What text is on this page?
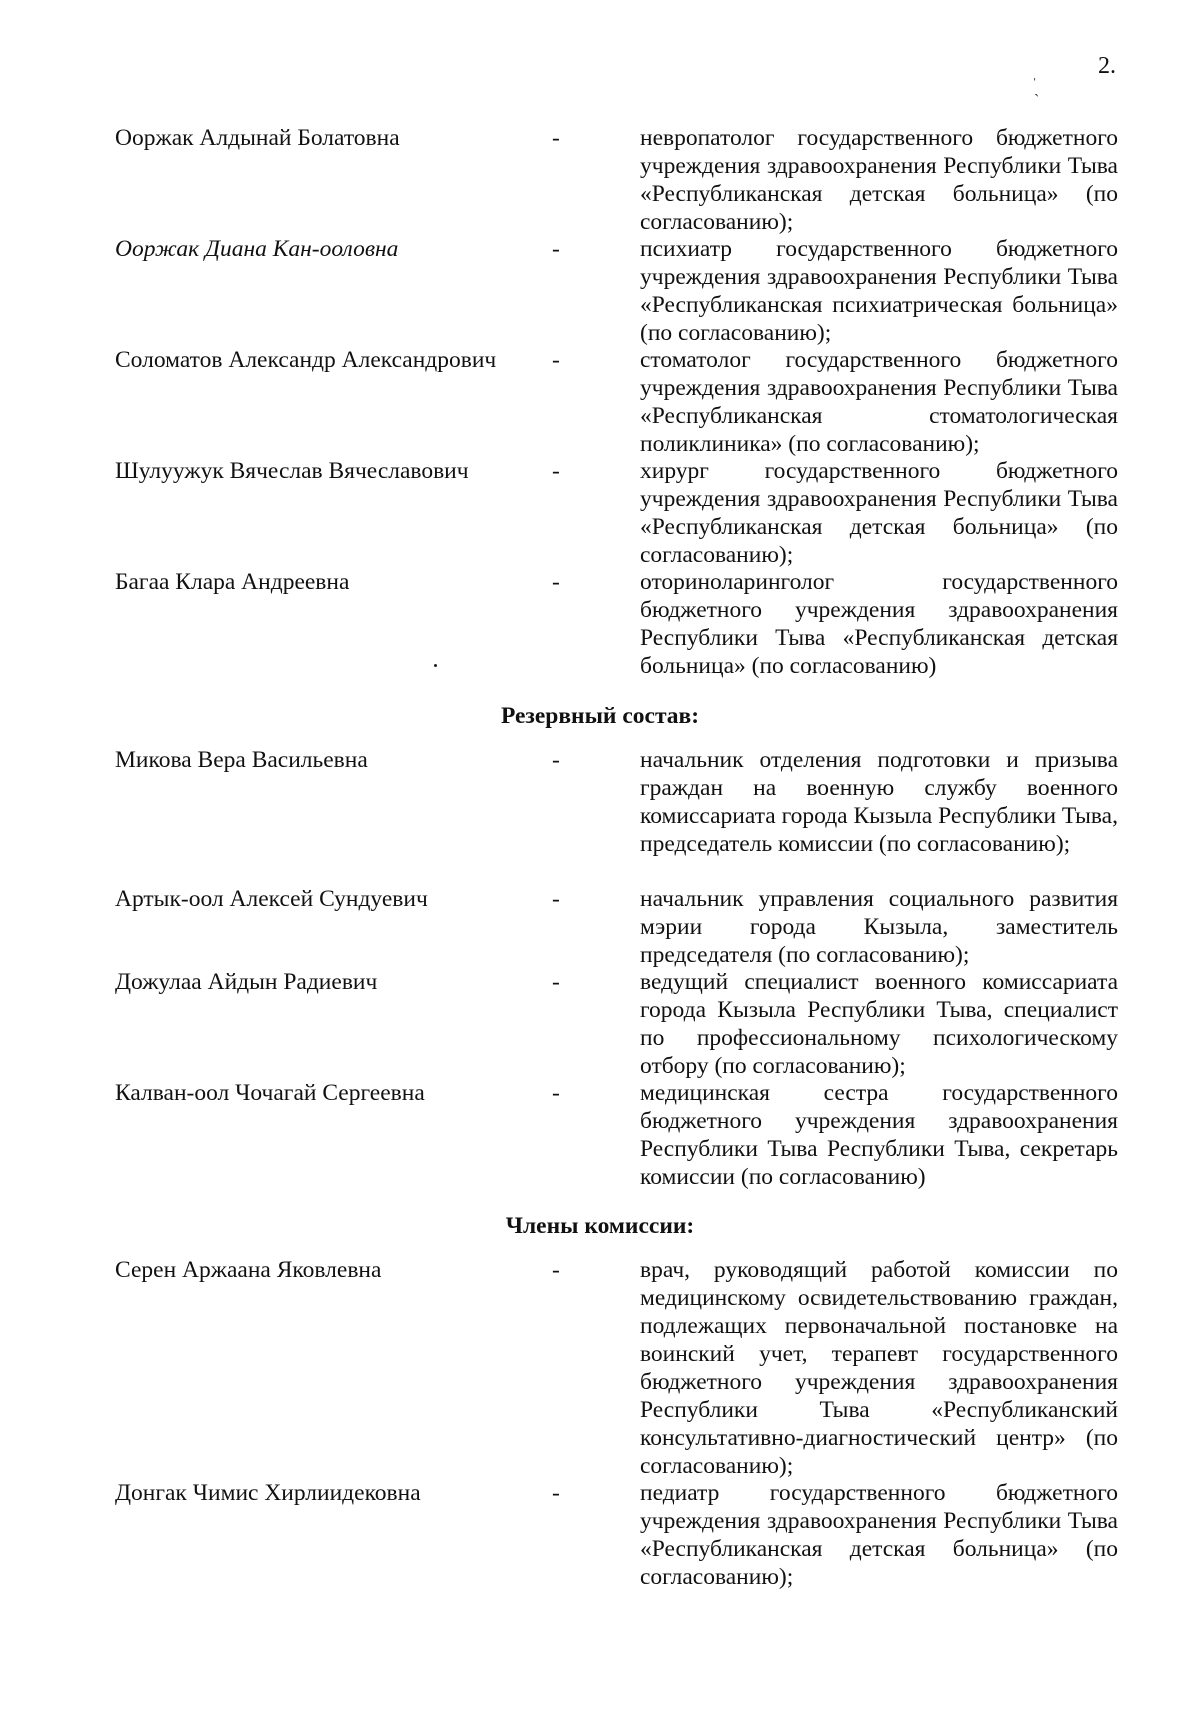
2.
ˌ
ˋ
Ооржак Алдынай Болатовна	-	невропатолог государственного бюджетного учреждения здравоохранения Республики Тыва «Республиканская детская больница» (по согласованию);
Ооржак Диана Кан-ооловна	-	психиатр государственного бюджетного учреждения здравоохранения Республики Тыва «Республиканская психиатрическая больница» (по согласованию);
Соломатов Александр Александрович -	стоматолог государственного бюджетного учреждения здравоохранения Республики Тыва «Республиканская стоматологическая поликлиника» (по согласованию);
Шулуужук Вячеслав Вячеславович	-	хирург государственного бюджетного учреждения здравоохранения Республики Тыва «Республиканская детская больница» (по согласованию);
Багаа Клара Андреевна	-	оториноларинголог государственного бюджетного учреждения здравоохранения Республики Тыва «Республиканская детская больница» (по согласованию)
Резервный состав:
Микова Вера Васильевна	-	начальник отделения подготовки и призыва граждан на военную службу военного комиссариата города Кызыла Республики Тыва, председатель комиссии (по согласованию);
Артык-оол Алексей Сундуевич	-	начальник управления социального развития мэрии города Кызыла, заместитель председателя (по согласованию);
Дожулаа Айдын Радиевич	-	ведущий специалист военного комиссариата города Кызыла Республики Тыва, специалист по профессиональному психологическому отбору (по согласованию);
Калван-оол Чочагай Сергеевна	-	медицинская сестра государственного бюджетного учреждения здравоохранения Республики Тыва Республики Тыва, секретарь комиссии (по согласованию)
Члены комиссии:
Серен Аржаана Яковлевна	-	врач, руководящий работой комиссии по медицинскому освидетельствованию граждан, подлежащих первоначальной постановке на воинский учет, терапевт государственного бюджетного учреждения здравоохранения Республики Тыва «Республиканский консультативно-диагностический центр» (по согласованию);
Донгак Чимис Хирлиидековна	-	педиатр государственного бюджетного учреждения здравоохранения Республики Тыва «Республиканская детская больница» (по согласованию);
